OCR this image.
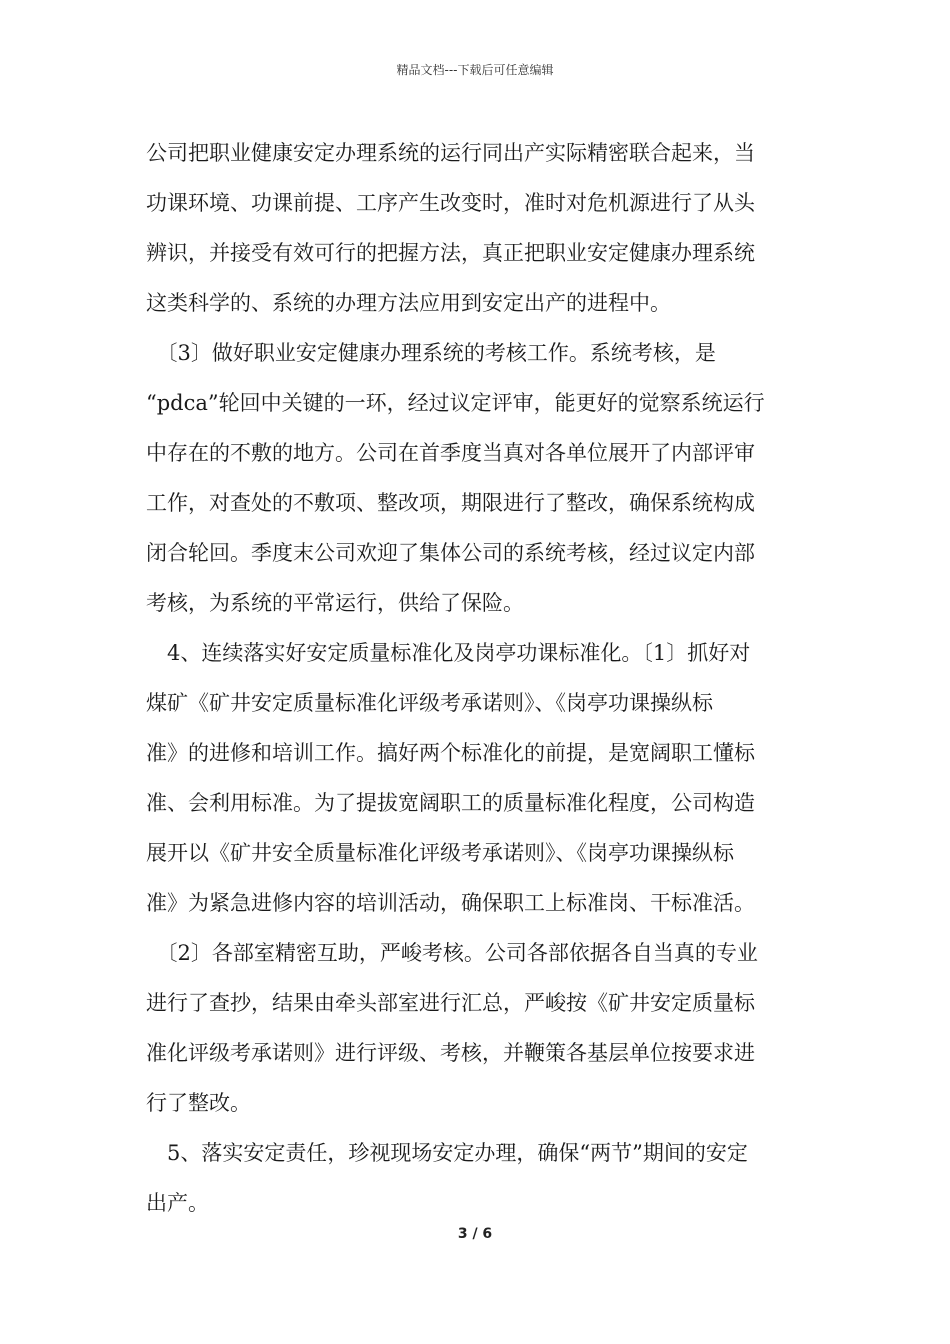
精品文档---下载后可任意编辑
公司把职业健康安定办理系统的运行同出产实际精密联合起来，当
功课环境、功课前提、工序产生改变时，准时对危机源进行了从头
辨识，并接受有效可行的把握方法，真正把职业安定健康办理系统
这类科学的、系统的办理方法应用到安定出产的进程中。
　〔3〕做好职业安定健康办理系统的考核工作。系统考核，是
“pdca”轮回中关键的一环，经过议定评审，能更好的觉察系统运行
中存在的不敷的地方。公司在首季度当真对各单位展开了内部评审
工作，对查处的不敷项、整改项，期限进行了整改，确保系统构成
闭合轮回。季度末公司欢迎了集体公司的系统考核，经过议定内部
考核，为系统的平常运行，供给了保险。
　4、连续落实好安定质量标准化及岗亭功课标准化。〔1〕抓好对
煤矿《矿井安定质量标准化评级考承诺则》、《岗亭功课操纵标
准》的进修和培训工作。搞好两个标准化的前提，是宽阔职工懂标
准、会利用标准。为了提拔宽阔职工的质量标准化程度，公司构造
展开以《矿井安全质量标准化评级考承诺则》、《岗亭功课操纵标
准》为紧急进修内容的培训活动，确保职工上标准岗、干标准活。
　〔2〕各部室精密互助，严峻考核。公司各部依据各自当真的专业
进行了查抄，结果由牵头部室进行汇总，严峻按《矿井安定质量标
准化评级考承诺则》进行评级、考核，并鞭策各基层单位按要求进
行了整改。
　5、落实安定责任，珍视现场安定办理，确保“两节”期间的安定
出产。
3 / 6
